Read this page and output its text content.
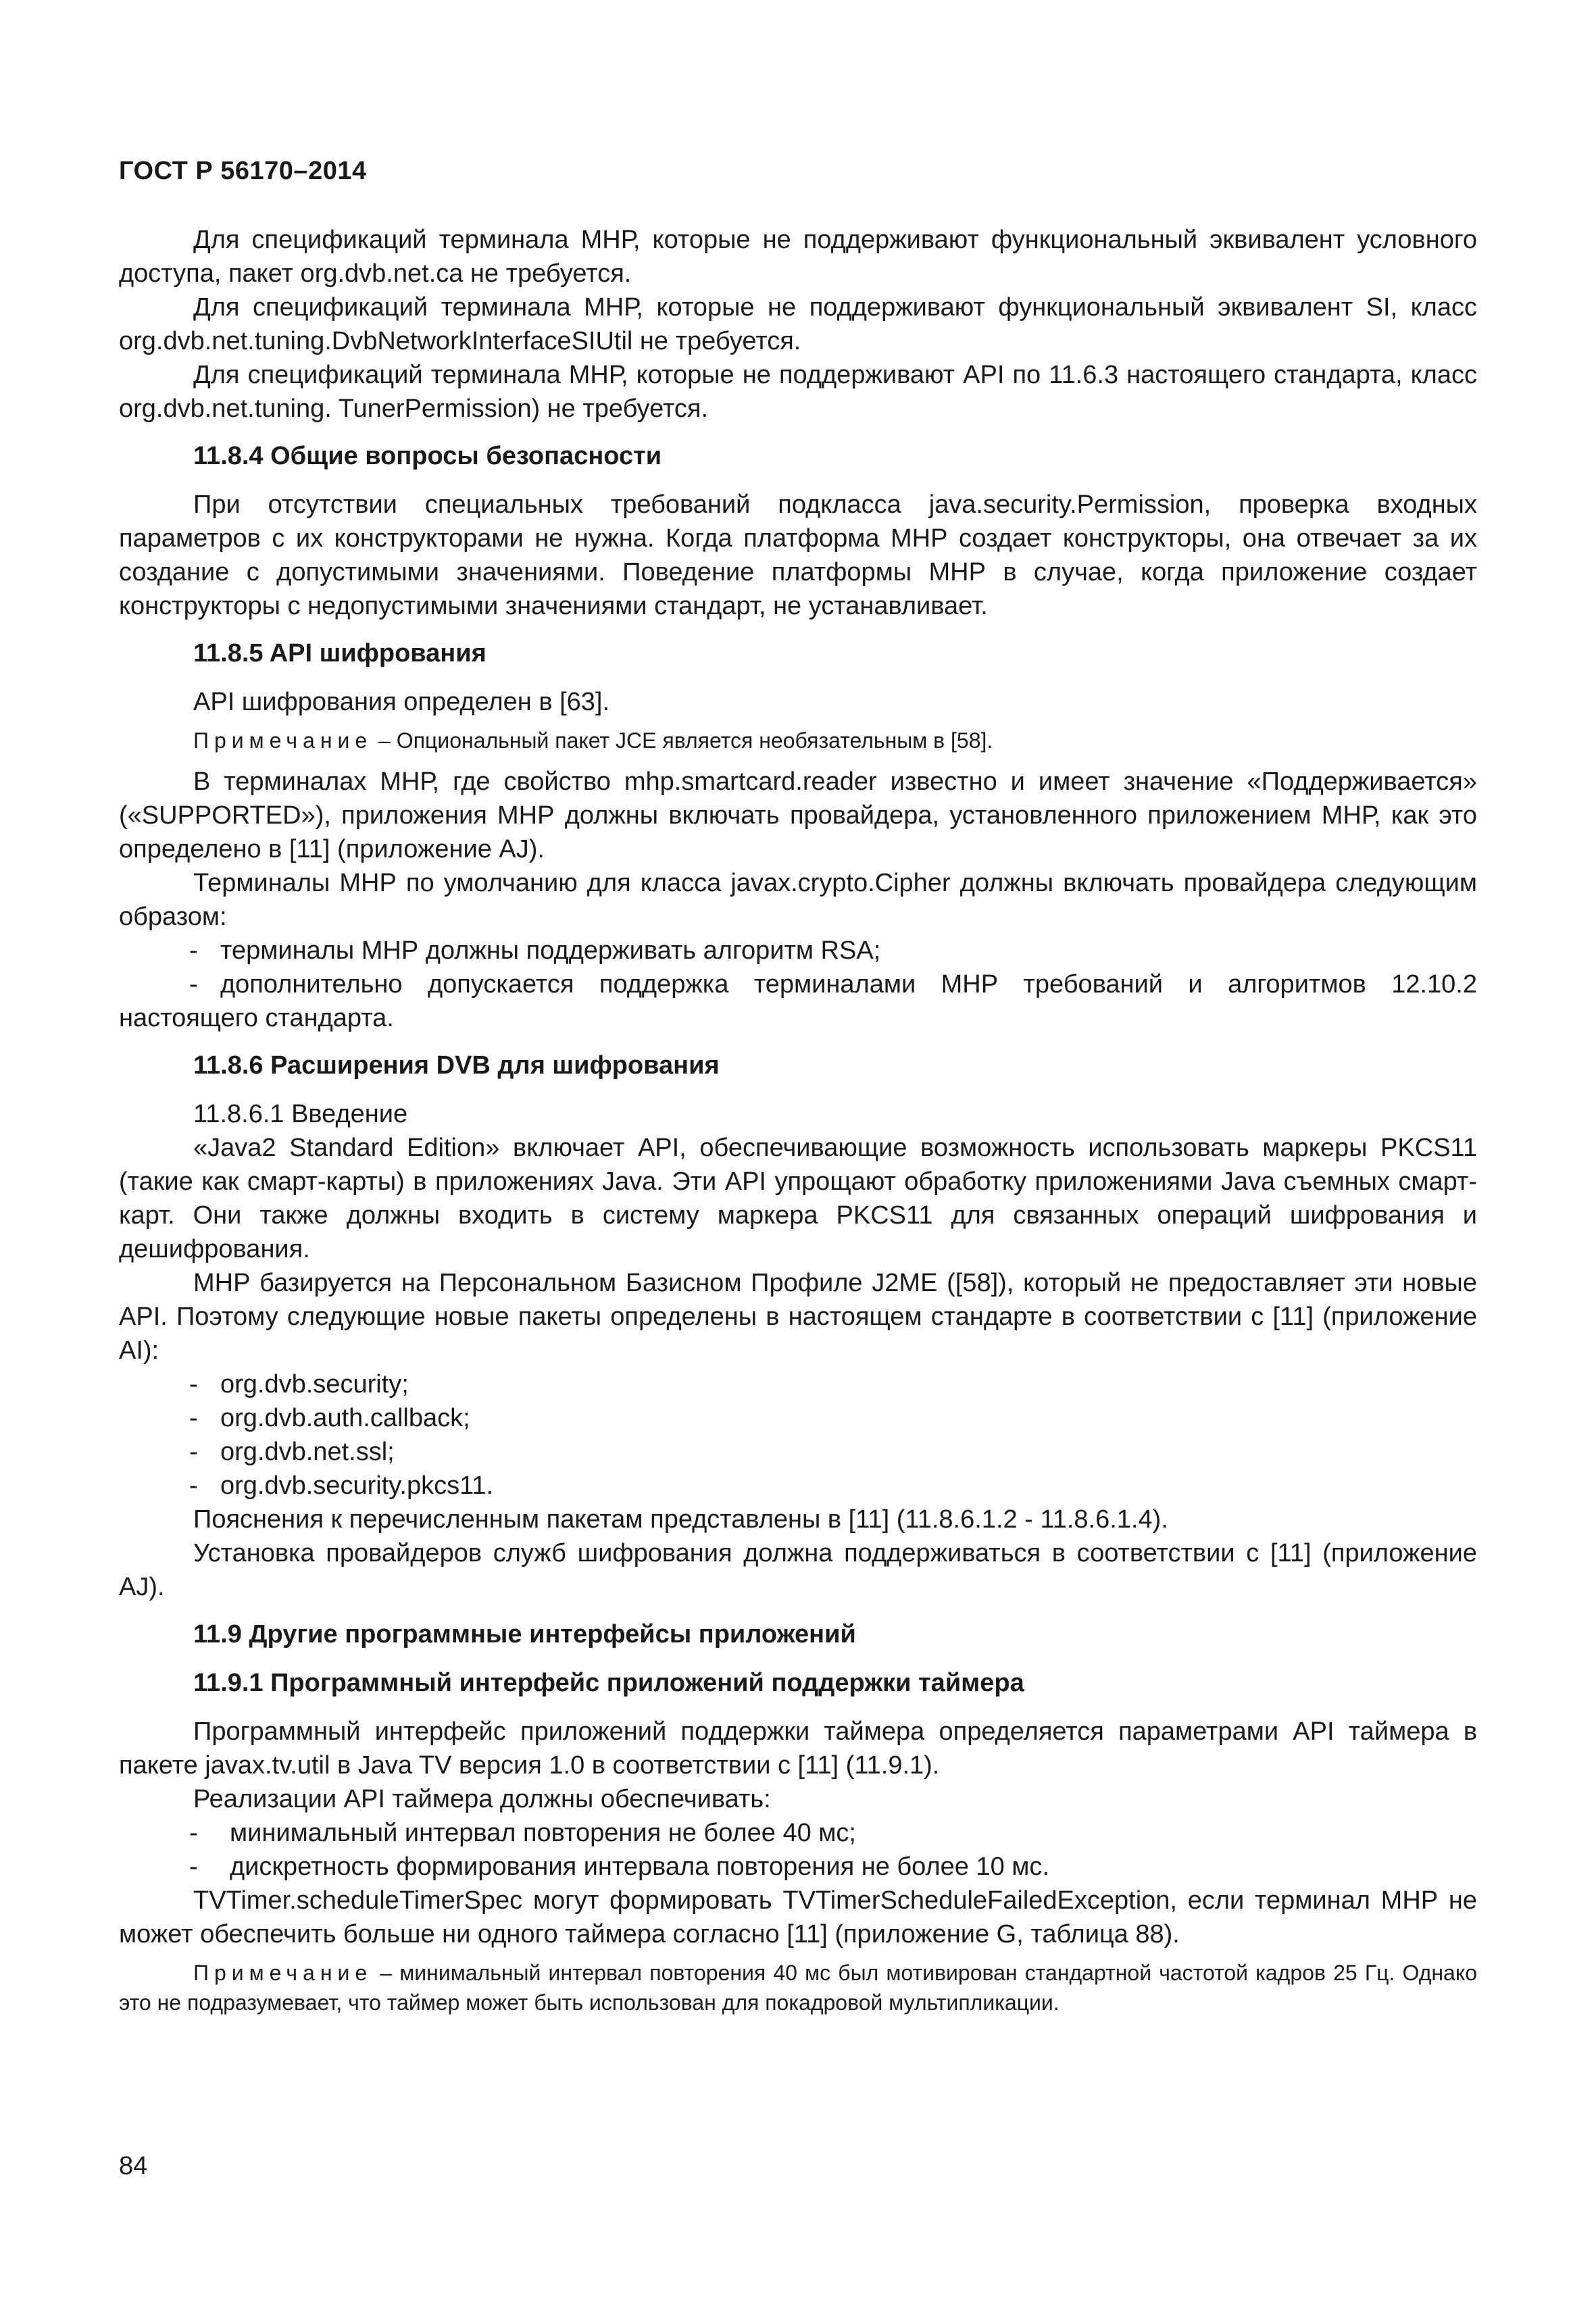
ГОСТ Р 56170–2014

Для спецификаций терминала МНР, которые не поддерживают функциональный эквивалент условного доступа, пакет org.dvb.net.ca не требуется.

Для спецификаций терминала МНР, которые не поддерживают функциональный эквивалент SI, класс org.dvb.net.tuning.DvbNetworkInterfaceSIUtil не требуется.

Для спецификаций терминала МНР, которые не поддерживают API по 11.6.3 настоящего стандарта, класс org.dvb.net.tuning. TunerPermission) не требуется.

11.8.4 Общие вопросы безопасности

При отсутствии специальных требований подкласса java.security.Permission, проверка входных параметров с их конструкторами не нужна. Когда платформа МНР создает конструкторы, она отвечает за их создание с допустимыми значениями. Поведение платформы МНР в случае, когда приложение создает конструкторы с недопустимыми значениями стандарт, не устанавливает.

11.8.5 API шифрования

API шифрования определен в [63].

Примечание – Опциональный пакет JCE является необязательным в [58].

В терминалах МНР, где свойство mhp.smartcard.reader известно и имеет значение «Поддерживается» («SUPPORTED»), приложения МНР должны включать провайдера, установленного приложением МНР, как это определено в [11] (приложение AJ).

Терминалы МНР по умолчанию для класса javax.crypto.Cipher должны включать провайдера следующим образом:

- терминалы МНР должны поддерживать алгоритм RSA;
- дополнительно допускается поддержка терминалами МНР требований и алгоритмов 12.10.2 настоящего стандарта.
11.8.6 Расширения DVB для шифрования

11.8.6.1 Введение

«Java2 Standard Edition» включает API, обеспечивающие возможность использовать маркеры PKCS11 (такие как смарт-карты) в приложениях Java. Эти API упрощают обработку приложениями Java съемных смарт-карт. Они также должны входить в систему маркера PKCS11 для связанных операций шифрования и дешифрования.

МНР базируется на Персональном Базисном Профиле J2ME ([58]), который не предоставляет эти новые API. Поэтому следующие новые пакеты определены в настоящем стандарте в соответствии с [11] (приложение AI):

- org.dvb.security;
- org.dvb.auth.callback;
- org.dvb.net.ssl;
- org.dvb.security.pkcs11.

Пояснения к перечисленным пакетам представлены в [11] (11.8.6.1.2 - 11.8.6.1.4).

Установка провайдеров служб шифрования должна поддерживаться в соответствии с [11] (приложение AJ).

11.9 Другие программные интерфейсы приложений
11.9.1 Программный интерфейс приложений поддержки таймера

Программный интерфейс приложений поддержки таймера определяется параметрами API таймера в пакете javax.tv.util в Java TV версия 1.0 в соответствии с [11] (11.9.1).

Реализации API таймера должны обеспечивать:

- минимальный интервал повторения не более 40 мс;
- дискретность формирования интервала повторения не более 10 мс.

TVTimer.scheduleTimerSpec могут формировать TVTimerScheduleFailedException, если терминал МНР не может обеспечить больше ни одного таймера согласно [11] (приложение G, таблица 88).

Примечание – минимальный интервал повторения 40 мс был мотивирован стандартной частотой кадров 25 Гц. Однако это не подразумевает, что таймер может быть использован для покадровой мультипликации.

84
